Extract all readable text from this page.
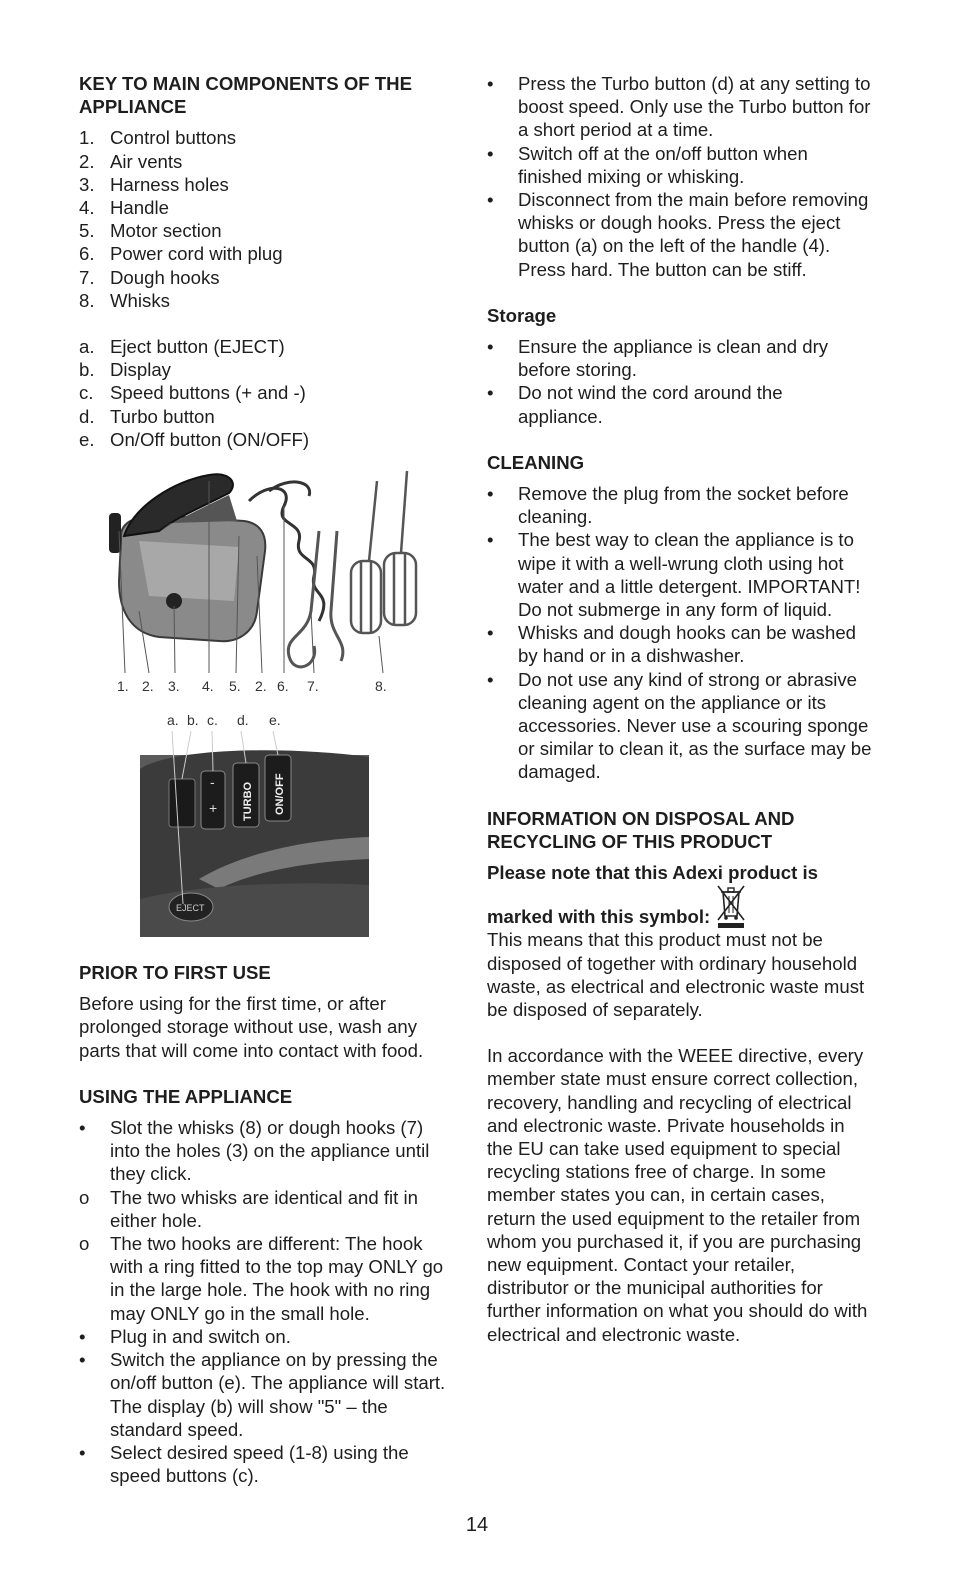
KEY TO MAIN COMPONENTS OF THE APPLIANCE
1. Control buttons
2. Air vents
3. Harness holes
4. Handle
5. Motor section
6. Power cord with plug
7. Dough hooks
8. Whisks
a. Eject button (EJECT)
b. Display
c. Speed buttons (+ and -)
d. Turbo button
e. On/Off button (ON/OFF)
1. 2. 3. 4. 5. 2. 6. 7.	8.
a. b. c. d. e.
+
- TURBO ON/OFF
EJECT
PRIOR TO FIRST USE

Before using for the first time, or after prolonged storage without use, wash any parts that will come into contact with food.

USING THE APPLIANCE
• Slot the whisks (8) or dough hooks (7) into the holes (3) on the appliance until they click.
o The two whisks are identical and fit in either hole.
o The two hooks are different: The hook with a ring fitted to the top may ONLY go in the large hole. The hook with no ring may ONLY go in the small hole.
• Plug in and switch on.
• Switch the appliance on by pressing the on/off button (e). The appliance will start. The display (b) will show "5" – the standard speed.
• Select desired speed (1-8) using the speed buttons (c).
• Press the Turbo button (d) at any setting to boost speed. Only use the Turbo button for a short period at a time.
• Switch off at the on/off button when finished mixing or whisking.
• Disconnect from the main before removing whisks or dough hooks. Press the eject button (a) on the left of the handle (4). Press hard. The button can be stiff.
Storage
• Ensure the appliance is clean and dry before storing.
• Do not wind the cord around the appliance.
CLEANING
• Remove the plug from the socket before cleaning.
• The best way to clean the appliance is to wipe it with a well-wrung cloth using hot water and a little detergent. IMPORTANT! Do not submerge in any form of liquid.
• Whisks and dough hooks can be washed by hand or in a dishwasher.
• Do not use any kind of strong or abrasive cleaning agent on the appliance or its accessories. Never use a scouring sponge or similar to clean it, as the surface may be damaged.
INFORMATION ON DISPOSAL AND RECYCLING OF THIS PRODUCT

Please note that this Adexi product is

marked with this symbol:

This means that this product must not be disposed of together with ordinary household waste, as electrical and electronic waste must be disposed of separately.

In accordance with the WEEE directive, every member state must ensure correct collection, recovery, handling and recycling of electrical and electronic waste. Private households in the EU can take used equipment to special recycling stations free of charge. In some member states you can, in certain cases, return the used equipment to the retailer from whom you purchased it, if you are purchasing new equipment. Contact your retailer, distributor or the municipal authorities for further information on what you should do with electrical and electronic waste.

14
